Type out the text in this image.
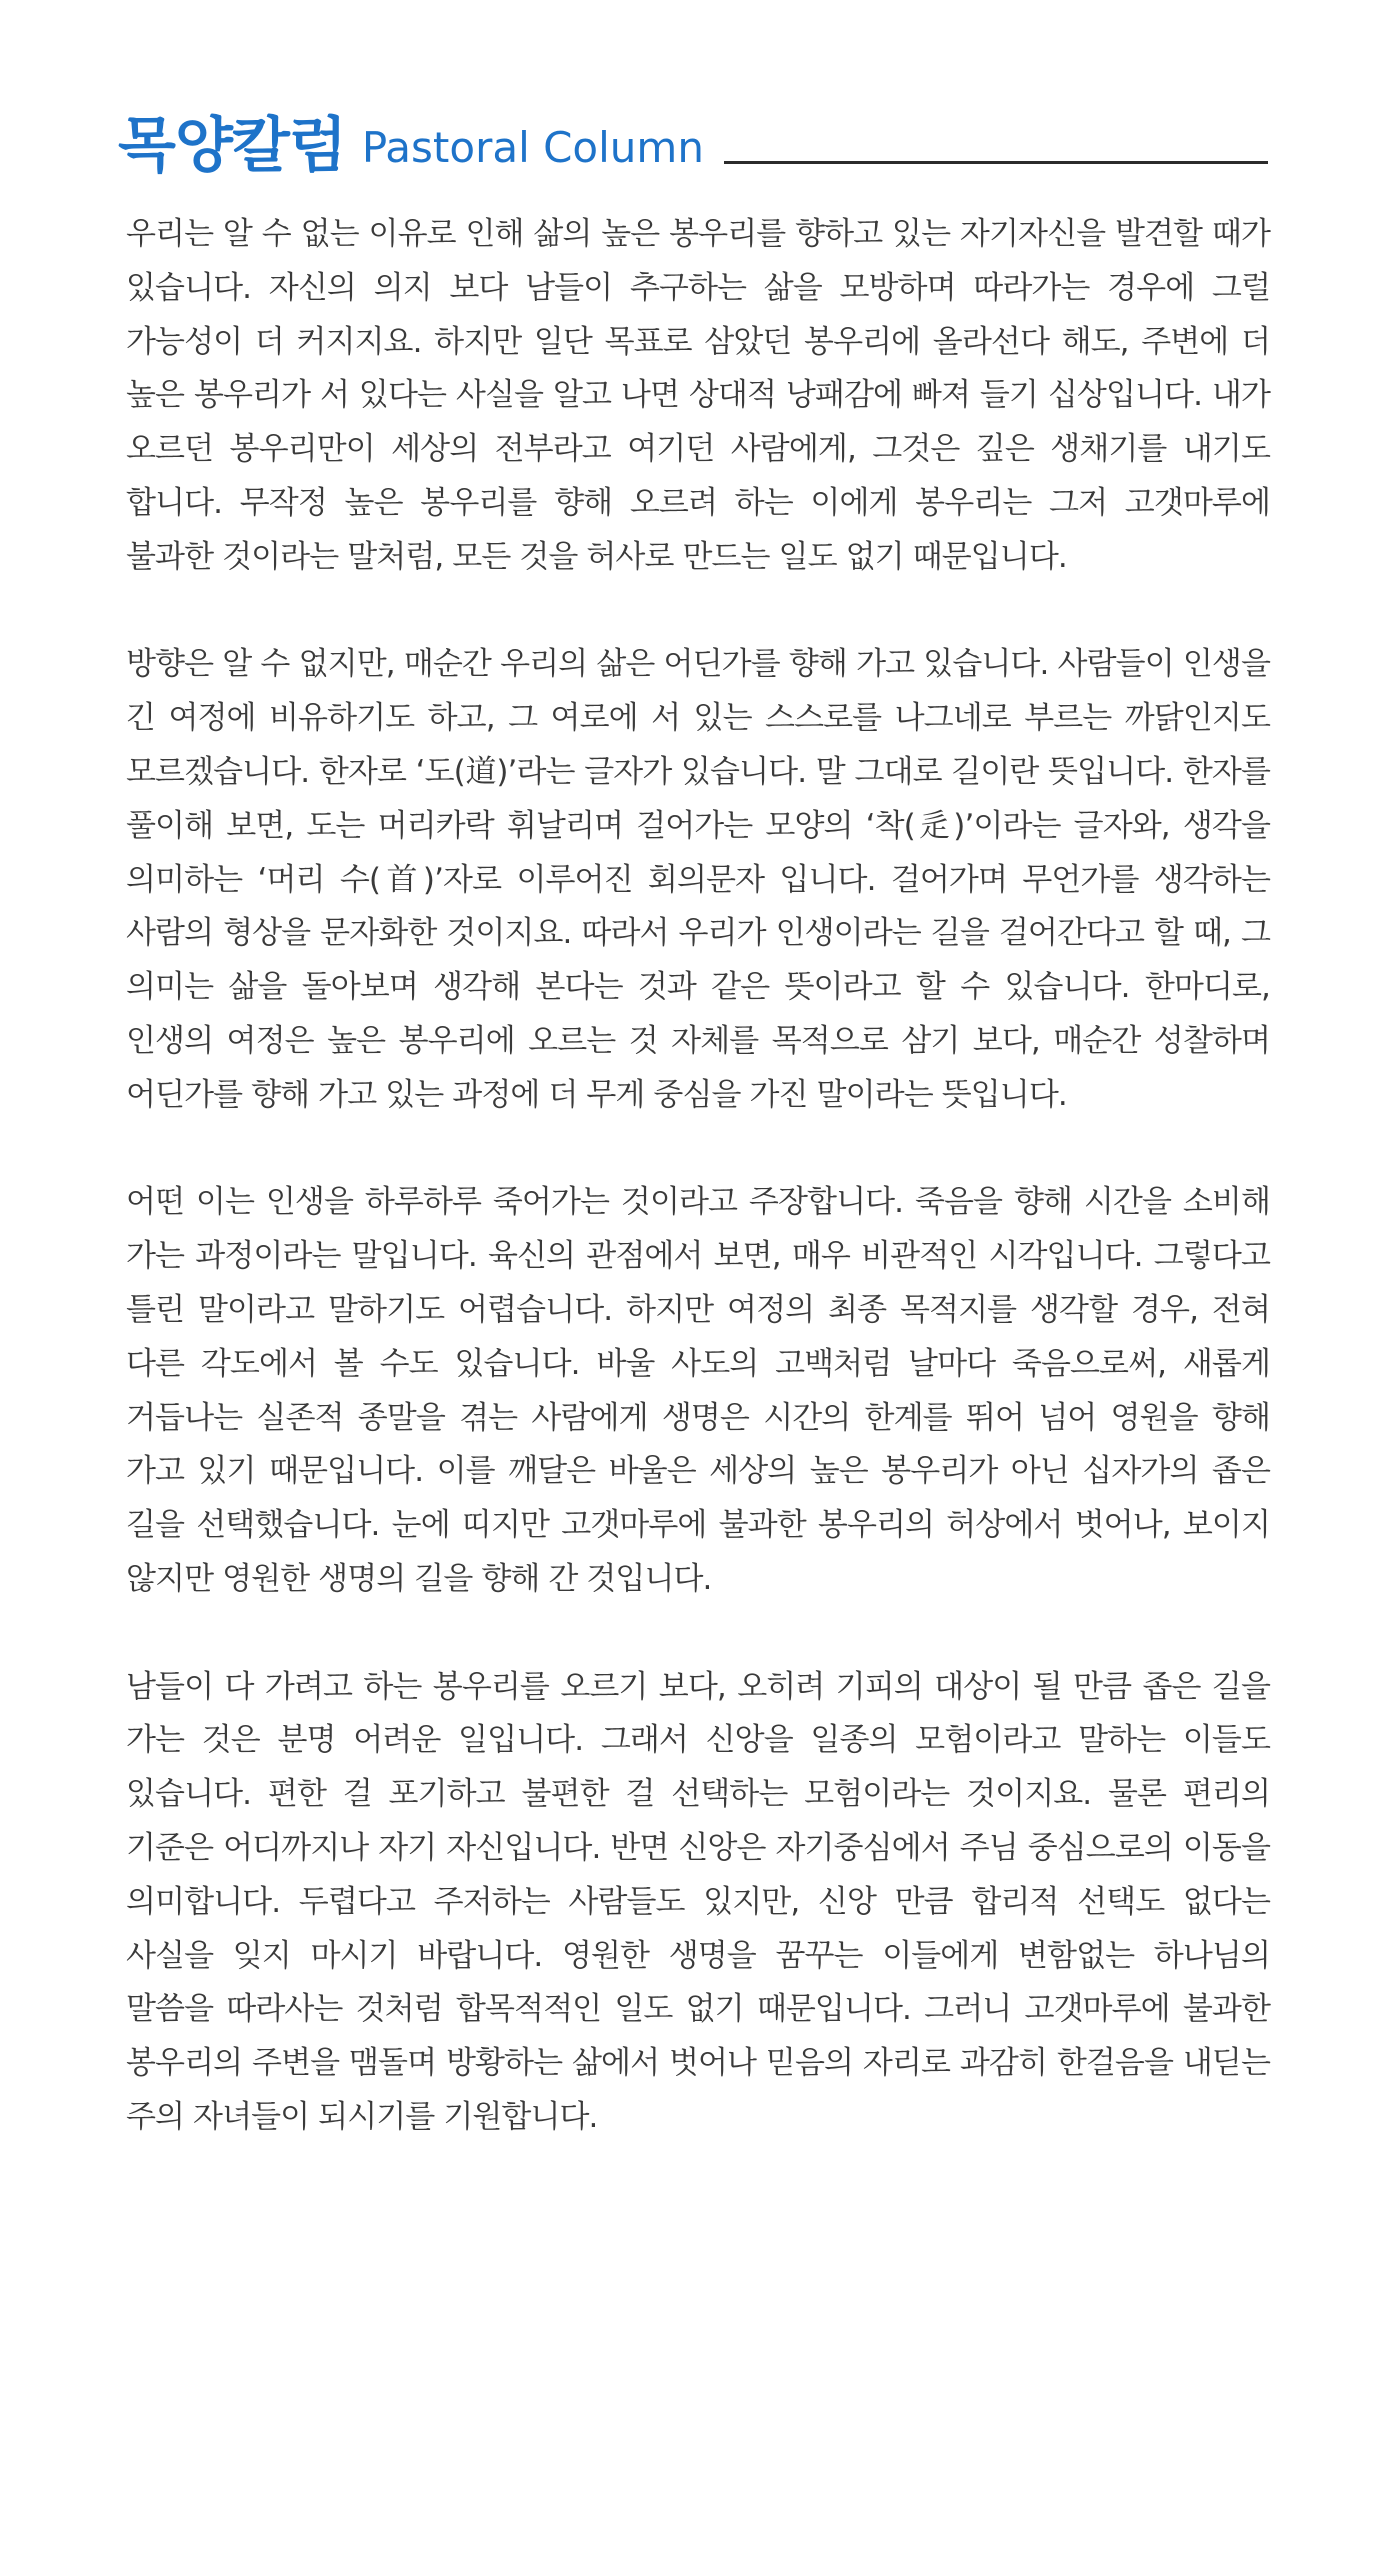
목양칼럼 Pastoral Column

우리는 알 수 없는 이유로 인해 삶의 높은 봉우리를 향하고 있는 자기자신을 발견할 때가 있습니다. 자신의 의지 보다 남들이 추구하는 삶을 모방하며 따라가는 경우에 그럴 가능성이 더 커지지요. 하지만 일단 목표로 삼았던 봉우리에 올라선다 해도, 주변에 더 높은 봉우리가 서 있다는 사실을 알고 나면 상대적 낭패감에 빠져 들기 십상입니다. 내가 오르던 봉우리만이 세상의 전부라고 여기던 사람에게, 그것은 깊은 생채기를 내기도 합니다. 무작정 높은 봉우리를 향해 오르려 하는 이에게 봉우리는 그저 고갯마루에 불과한 것이라는 말처럼, 모든 것을 허사로 만드는 일도 없기 때문입니다.

방향은 알 수 없지만, 매순간 우리의 삶은 어딘가를 향해 가고 있습니다. 사람들이 인생을 긴 여정에 비유하기도 하고, 그 여로에 서 있는 스스로를 나그네로 부르는 까닭인지도 모르겠습니다. 한자로 ‘도(道)’라는 글자가 있습니다. 말 그대로 길이란 뜻입니다. 한자를 풀이해 보면, 도는 머리카락 휘날리며 걸어가는 모양의 ‘착(辵)’이라는 글자와, 생각을 의미하는 ‘머리 수(首)’자로 이루어진 회의문자 입니다. 걸어가며 무언가를 생각하는 사람의 형상을 문자화한 것이지요. 따라서 우리가 인생이라는 길을 걸어간다고 할 때, 그 의미는 삶을 돌아보며 생각해 본다는 것과 같은 뜻이라고 할 수 있습니다. 한마디로, 인생의 여정은 높은 봉우리에 오르는 것 자체를 목적으로 삼기 보다, 매순간 성찰하며 어딘가를 향해 가고 있는 과정에 더 무게 중심을 가진 말이라는 뜻입니다.

어떤 이는 인생을 하루하루 죽어가는 것이라고 주장합니다. 죽음을 향해 시간을 소비해 가는 과정이라는 말입니다. 육신의 관점에서 보면, 매우 비관적인 시각입니다. 그렇다고 틀린 말이라고 말하기도 어렵습니다. 하지만 여정의 최종 목적지를 생각할 경우, 전혀 다른 각도에서 볼 수도 있습니다. 바울 사도의 고백처럼 날마다 죽음으로써, 새롭게 거듭나는 실존적 종말을 겪는 사람에게 생명은 시간의 한계를 뛰어 넘어 영원을 향해 가고 있기 때문입니다. 이를 깨달은 바울은 세상의 높은 봉우리가 아닌 십자가의 좁은 길을 선택했습니다. 눈에 띠지만 고갯마루에 불과한 봉우리의 허상에서 벗어나, 보이지 않지만 영원한 생명의 길을 향해 간 것입니다.

남들이 다 가려고 하는 봉우리를 오르기 보다, 오히려 기피의 대상이 될 만큼 좁은 길을 가는 것은 분명 어려운 일입니다. 그래서 신앙을 일종의 모험이라고 말하는 이들도 있습니다. 편한 걸 포기하고 불편한 걸 선택하는 모험이라는 것이지요. 물론 편리의 기준은 어디까지나 자기 자신입니다. 반면 신앙은 자기중심에서 주님 중심으로의 이동을 의미합니다. 두렵다고 주저하는 사람들도 있지만, 신앙 만큼 합리적 선택도 없다는 사실을 잊지 마시기 바랍니다. 영원한 생명을 꿈꾸는 이들에게 변함없는 하나님의 말씀을 따라사는 것처럼 합목적적인 일도 없기 때문입니다. 그러니 고갯마루에 불과한 봉우리의 주변을 맴돌며 방황하는 삶에서 벗어나 믿음의 자리로 과감히 한걸음을 내딛는 주의 자녀들이 되시기를 기원합니다.
